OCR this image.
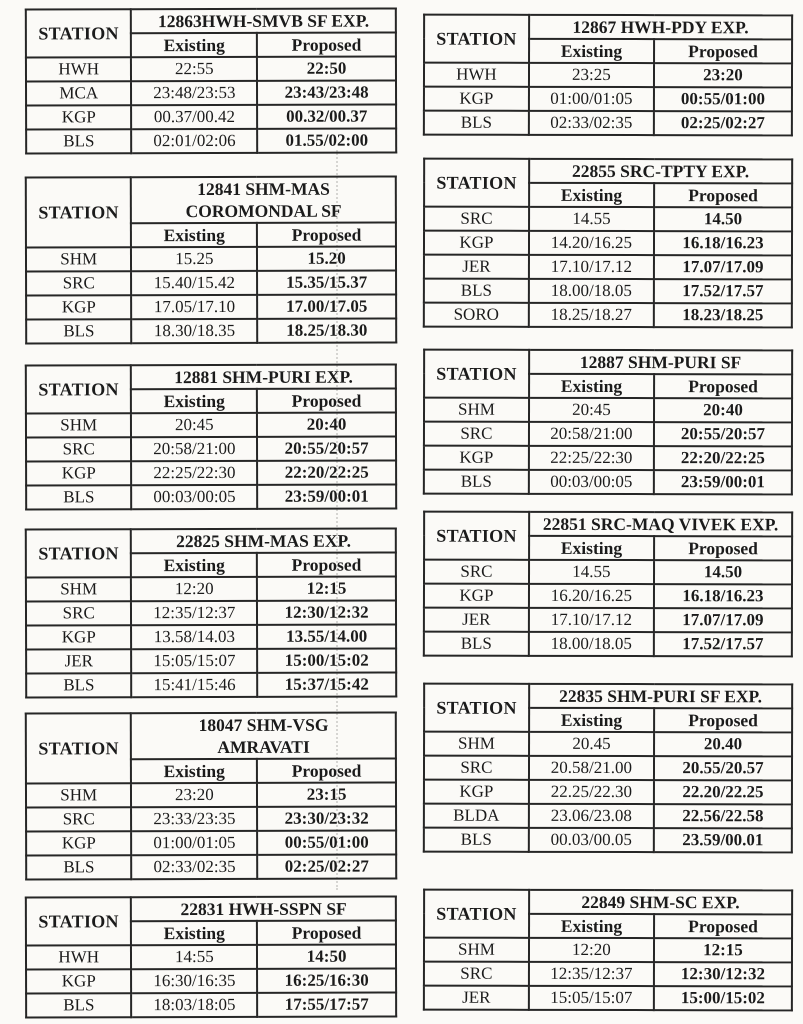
STATION	12863HWH-SMVB SF EXP.	
	Existing	Proposed
HWH	22:55	22:50
MCA	23:48/23:53	23:43/23:48
KGP	00.37/00.42	00.32/00.37
BLS	02:01/02:06	01.55/02:00
STATION	12841 SHM-MAS
COROMONDAL SF	
	Existing	Proposed
SHM	15.25	15.20
SRC	15.40/15.42	15.35/15.37
KGP	17.05/17.10	17.00/17.05
BLS	18.30/18.35	18.25/18.30
STATION	12881 SHM-PURI EXP.	
	Existing	Proposed
SHM	20:45	20:40
SRC	20:58/21:00	20:55/20:57
KGP	22:25/22:30	22:20/22:25
BLS	00:03/00:05	23:59/00:01
STATION	22825 SHM-MAS EXP.	
	Existing	Proposed
SHM	12:20	12:15
SRC	12:35/12:37	12:30/12:32
KGP	13.58/14.03	13.55/14.00
JER	15:05/15:07	15:00/15:02
BLS	15:41/15:46	15:37/15:42
STATION	18047 SHM-VSG
AMRAVATI	
	Existing	Proposed
SHM	23:20	23:15
SRC	23:33/23:35	23:30/23:32
KGP	01:00/01:05	00:55/01:00
BLS	02:33/02:35	02:25/02:27
STATION	22831 HWH-SSPN SF	
	Existing	Proposed
HWH	14:55	14:50
KGP	16:30/16:35	16:25/16:30
BLS	18:03/18:05	17:55/17:57
STATION	12867 HWH-PDY EXP.	
	Existing	Proposed
HWH	23:25	23:20
KGP	01:00/01:05	00:55/01:00
BLS	02:33/02:35	02:25/02:27
STATION	22855 SRC-TPTY EXP.	
	Existing	Proposed
SRC	14.55	14.50
KGP	14.20/16.25	16.18/16.23
JER	17.10/17.12	17.07/17.09
BLS	18.00/18.05	17.52/17.57
SORO	18.25/18.27	18.23/18.25
STATION	12887 SHM-PURI SF	
	Existing	Proposed
SHM	20:45	20:40
SRC	20:58/21:00	20:55/20:57
KGP	22:25/22:30	22:20/22:25
BLS	00:03/00:05	23:59/00:01
STATION	22851 SRC-MAQ VIVEK EXP.	
	Existing	Proposed
SRC	14.55	14.50
KGP	16.20/16.25	16.18/16.23
JER	17.10/17.12	17.07/17.09
BLS	18.00/18.05	17.52/17.57
STATION	22835 SHM-PURI SF EXP.	
	Existing	Proposed
SHM	20.45	20.40
SRC	20.58/21.00	20.55/20.57
KGP	22.25/22.30	22.20/22.25
BLDA	23.06/23.08	22.56/22.58
BLS	00.03/00.05	23.59/00.01
STATION	22849 SHM-SC EXP.	
	Existing	Proposed
SHM	12:20	12:15
SRC	12:35/12:37	12:30/12:32
JER	15:05/15:07	15:00/15:02
